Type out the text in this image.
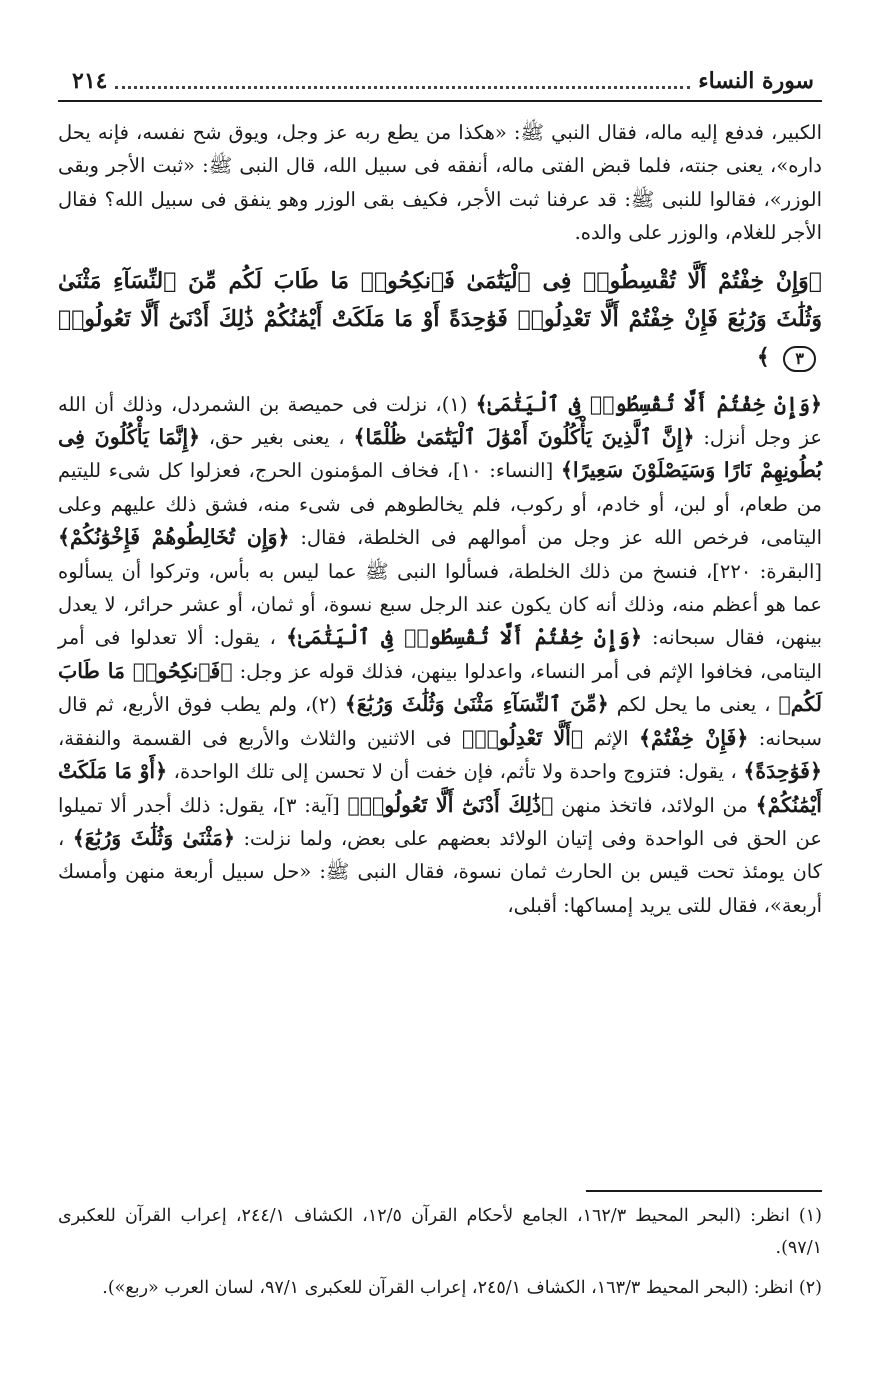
سورة النساء
٢١٤

الكبير، فدفع إليه ماله، فقال النبي ﷺ: «هكذا من يطع ربه عز وجل، ويوق شح نفسه، فإنه يحل داره»، يعنى جنته، فلما قبض الفتى ماله، أنفقه فى سبيل الله، قال النبى ﷺ: «ثبت الأجر وبقى الوزر»، فقالوا للنبى ﷺ: قد عرفنا ثبت الأجر، فكيف بقى الوزر وهو ينفق فى سبيل الله؟ فقال الأجر للغلام، والوزر على والده.

﴿وَإِنْ خِفْتُمْ أَلَّا تُقْسِطُوا۟ فِى ٱلْيَتَٰمَىٰ فَٱنكِحُوا۟ مَا طَابَ لَكُم مِّنَ ٱلنِّسَآءِ مَثْنَىٰ وَثُلَٰثَ وَرُبَٰعَ فَإِنْ خِفْتُمْ أَلَّا تَعْدِلُوا۟ فَوَٰحِدَةً أَوْ مَا مَلَكَتْ أَيْمَٰنُكُمْ ذَٰلِكَ أَدْنَىٰٓ أَلَّا تَعُولُوا۟ ٣ ﴾

﴿وَإِنْ خِفْتُمْ أَلَّا تُقْسِطُوا۟ فِى ٱلْيَتَٰمَىٰ﴾ (١)، نزلت فى حميصة بن الشمردل، وذلك أن الله عز وجل أنزل: ﴿إِنَّ ٱلَّذِينَ يَأْكُلُونَ أَمْوَٰلَ ٱلْيَتَٰمَىٰ ظُلْمًا﴾ ، يعنى بغير حق، ﴿إِنَّمَا يَأْكُلُونَ فِى بُطُونِهِمْ نَارًا وَسَيَصْلَوْنَ سَعِيرًا﴾ [النساء: ١٠]، فخاف المؤمنون الحرج، فعزلوا كل شىء لليتيم من طعام، أو لبن، أو خادم، أو ركوب، فلم يخالطوهم فى شىء منه، فشق ذلك عليهم وعلى اليتامى، فرخص الله عز وجل من أموالهم فى الخلطة، فقال: ﴿وَإِن تُخَالِطُوهُمْ فَإِخْوَٰنُكُمْ﴾ [البقرة: ٢٢٠]، فنسخ من ذلك الخلطة، فسألوا النبى ﷺ عما ليس به بأس، وتركوا أن يسألوه عما هو أعظم منه، وذلك أنه كان يكون عند الرجل سبع نسوة، أو ثمان، أو عشر حرائر، لا يعدل بينهن، فقال سبحانه: ﴿وَإِنْ خِفْتُمْ أَلَّا تُقْسِطُوا۟ فِى ٱلْيَتَٰمَىٰ﴾ ، يقول: ألا تعدلوا فى أمر اليتامى، فخافوا الإثم فى أمر النساء، واعدلوا بينهن، فذلك قوله عز وجل: ﴿فَٱنكِحُوا۟ مَا طَابَ لَكُم﴾ ، يعنى ما يحل لكم ﴿مِّنَ ٱلنِّسَآءِ مَثْنَىٰ وَثُلَٰثَ وَرُبَٰعَ﴾ (٢)، ولم يطب فوق الأربع، ثم قال سبحانه: ﴿فَإِنْ خِفْتُمْ﴾ الإثم ﴿أَلَّا تَعْدِلُوا۟﴾ فى الاثنين والثلاث والأربع فى القسمة والنفقة، ﴿فَوَٰحِدَةً﴾ ، يقول: فتزوج واحدة ولا تأثم، فإن خفت أن لا تحسن إلى تلك الواحدة، ﴿أَوْ مَا مَلَكَتْ أَيْمَٰنُكُمْ﴾ من الولائد، فاتخذ منهن ﴿ذَٰلِكَ أَدْنَىٰٓ أَلَّا تَعُولُوا۟﴾ [آية: ٣]، يقول: ذلك أجدر ألا تميلوا عن الحق فى الواحدة وفى إتيان الولائد بعضهم على بعض، ولما نزلت: ﴿مَثْنَىٰ وَثُلَٰثَ وَرُبَٰعَ﴾ ، كان يومئذ تحت قيس بن الحارث ثمان نسوة، فقال النبى ﷺ: «حل سبيل أربعة منهن وأمسك أربعة»، فقال للتى يريد إمساكها: أقبلى،

(١) انظر: (البحر المحيط ١٦٢/٣، الجامع لأحكام القرآن ١٢/٥، الكشاف ٢٤٤/١، إعراب القرآن للعكبرى ٩٧/١).

(٢) انظر: (البحر المحيط ١٦٣/٣، الكشاف ٢٤٥/١، إعراب القرآن للعكبرى ٩٧/١، لسان العرب «ربع»).
